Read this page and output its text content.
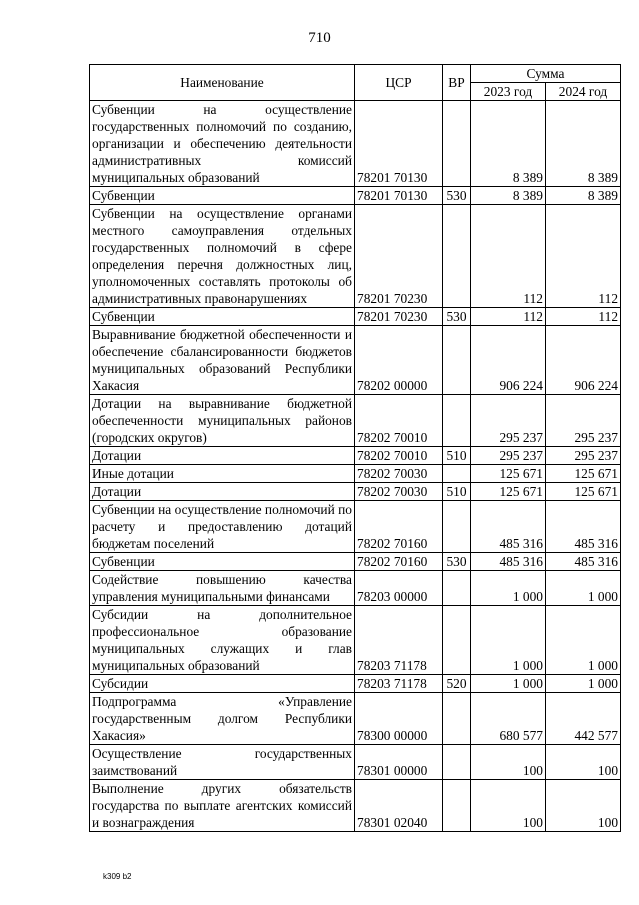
710
Наименование	ЦСР	ВР	Сумма	
			2023 год	2024 год
Субвенции на осуществление государственных полномочий по созданию, организации и обеспечению деятельности административных комиссий муниципальных образований	78201 70130		8 389	8 389
Субвенции	78201 70130	530	8 389	8 389
Субвенции на осуществление органами местного самоуправления отдельных государственных полномочий в сфере определения перечня должностных лиц, уполномоченных составлять протоколы об административных правонарушениях	78201 70230		112	112
Субвенции	78201 70230	530	112	112
Выравнивание бюджетной обеспеченности и обеспечение сбалансированности бюджетов муниципальных образований Республики Хакасия	78202 00000		906 224	906 224
Дотации на выравнивание бюджетной обеспеченности муниципальных районов (городских округов)	78202 70010		295 237	295 237
Дотации	78202 70010	510	295 237	295 237
Иные дотации	78202 70030		125 671	125 671
Дотации	78202 70030	510	125 671	125 671
Субвенции на осуществление полномочий по расчету и предоставлению дотаций бюджетам поселений	78202 70160		485 316	485 316
Субвенции	78202 70160	530	485 316	485 316
Содействие повышению качества управления муниципальными финансами	78203 00000		1 000	1 000
Субсидии на дополнительное профессиональное образование муниципальных служащих и глав муниципальных образований	78203 71178		1 000	1 000
Субсидии	78203 71178	520	1 000	1 000
Подпрограмма «Управление государственным долгом Республики Хакасия»	78300 00000		680 577	442 577
Осуществление государственных заимствований	78301 00000		100	100
Выполнение других обязательств государства по выплате агентских комиссий и вознаграждения	78301 02040		100	100
k309 b2
